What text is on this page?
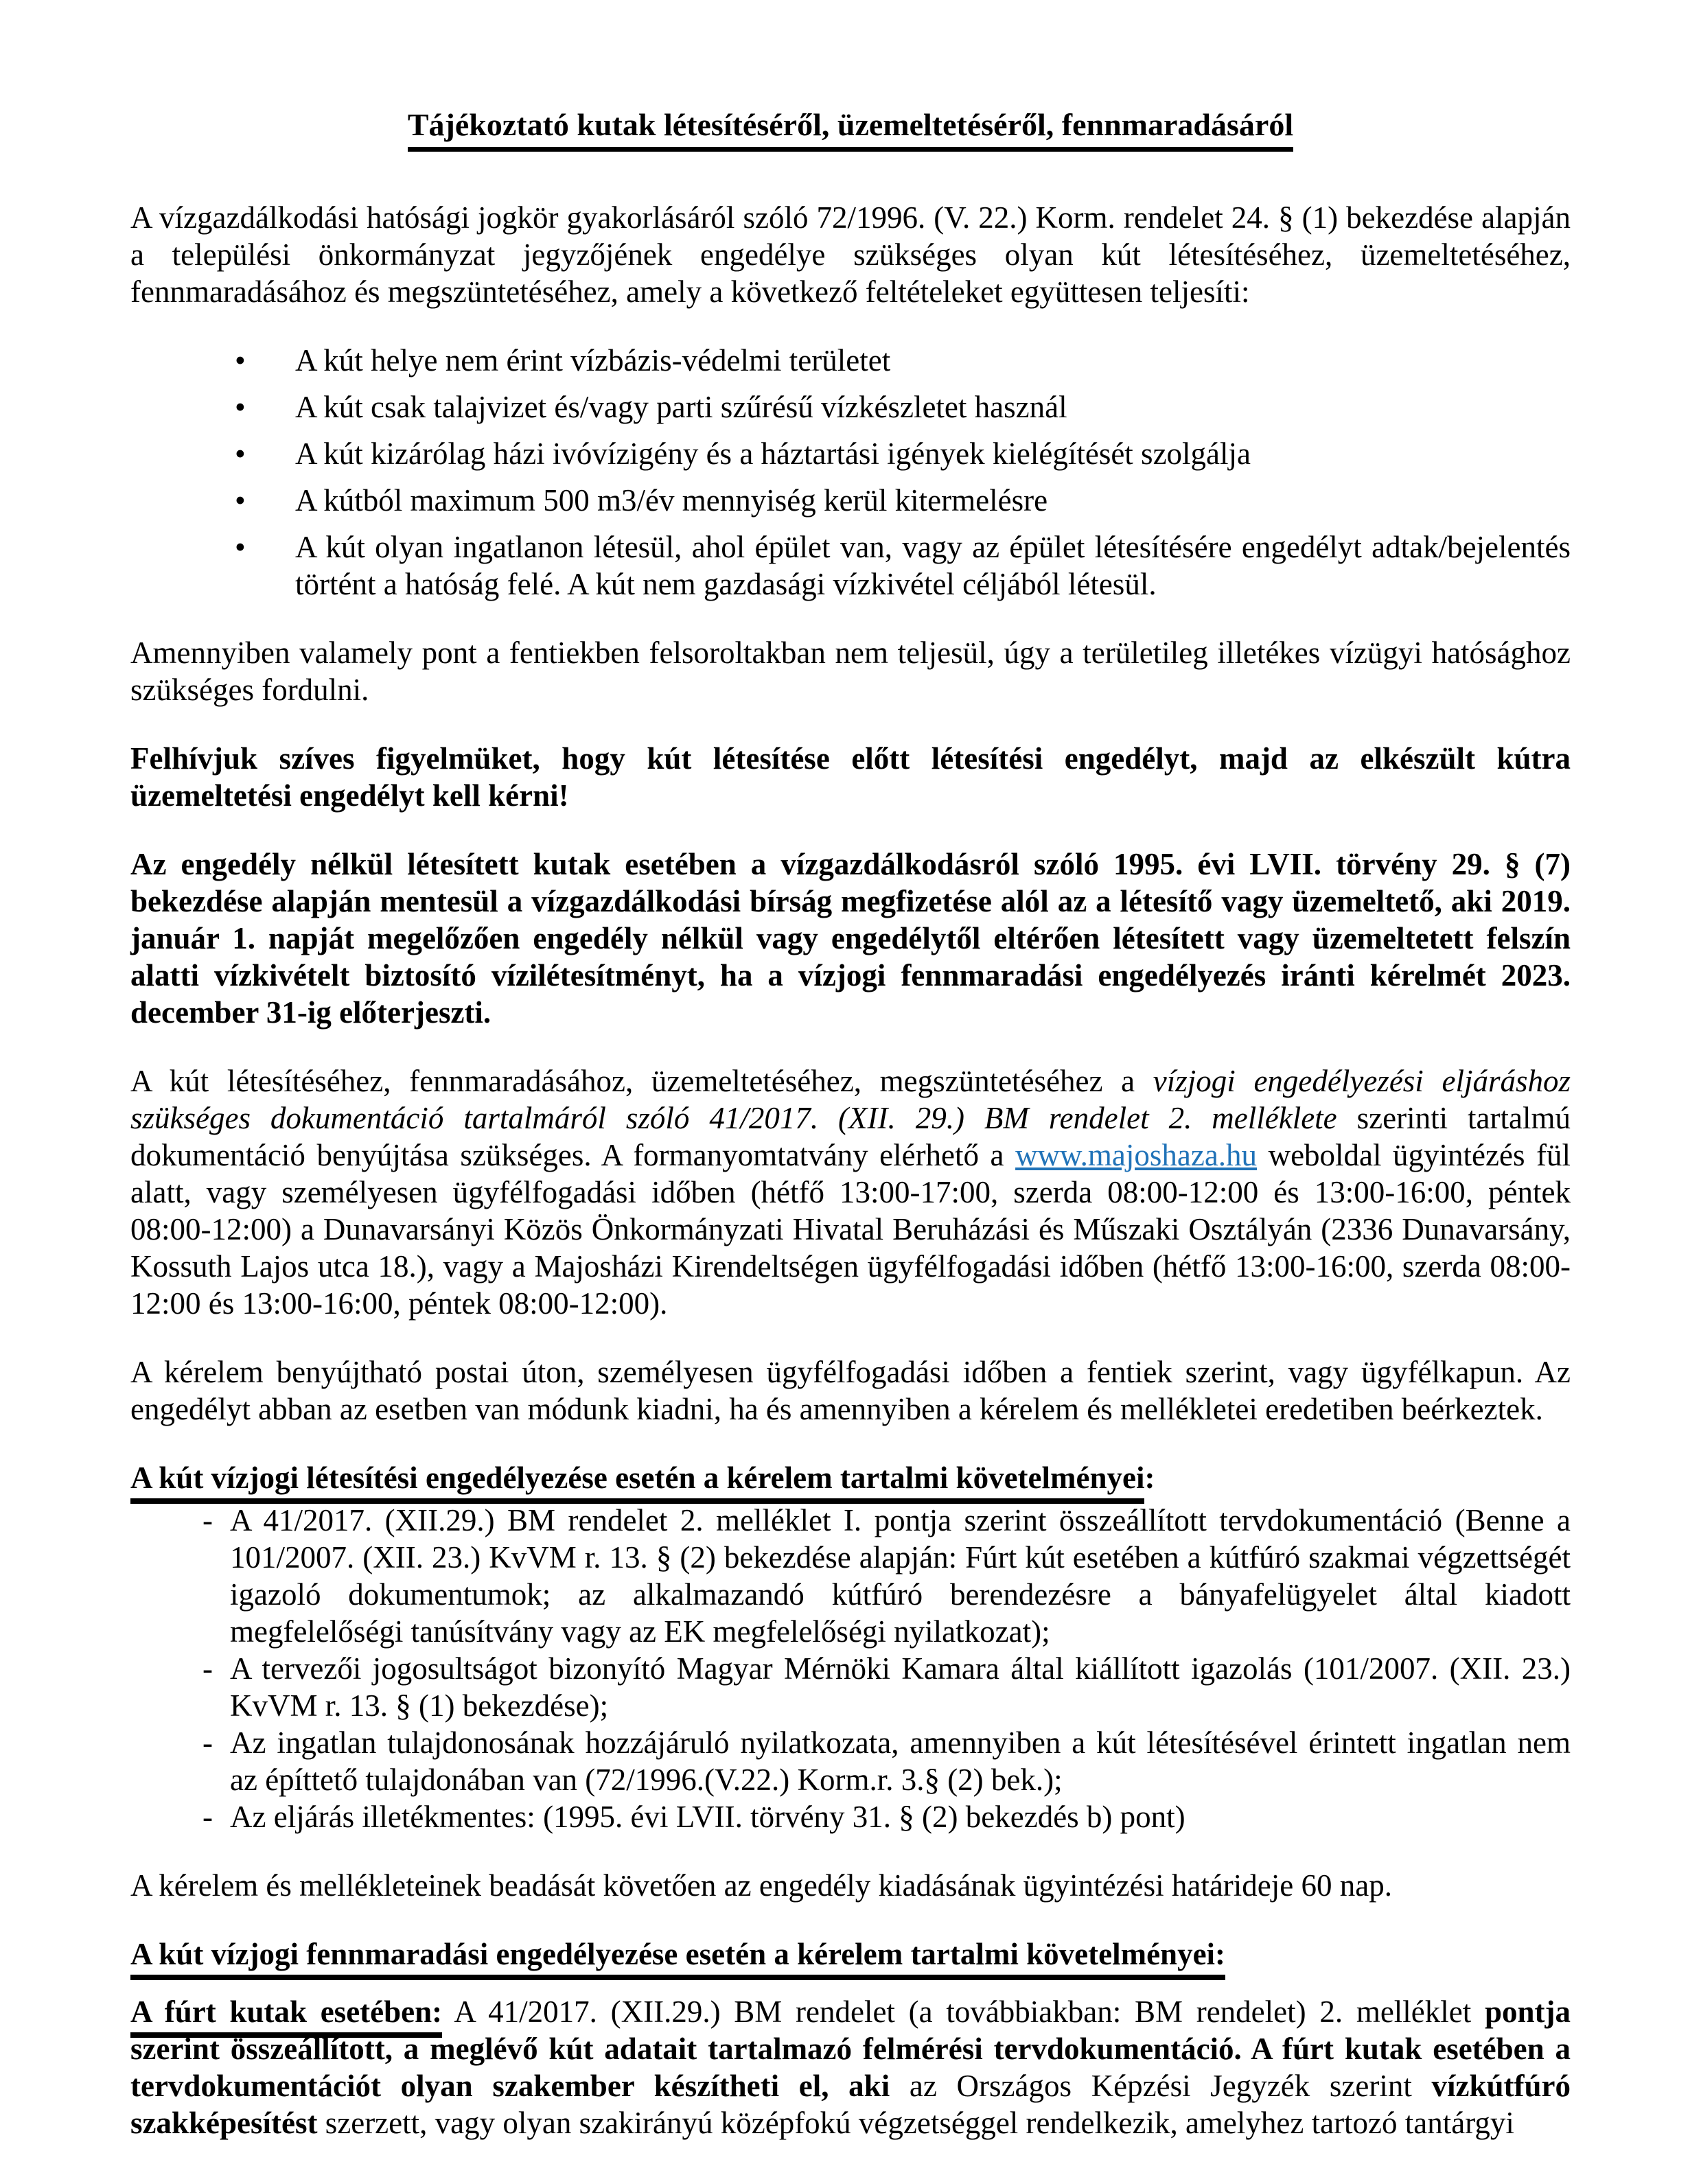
Tájékoztató kutak létesítéséről, üzemeltetéséről, fennmaradásáról

A vízgazdálkodási hatósági jogkör gyakorlásáról szóló 72/1996. (V. 22.) Korm. rendelet 24. § (1) bekezdése alapján a települési önkormányzat jegyzőjének engedélye szükséges olyan kút létesítéséhez, üzemeltetéséhez, fennmaradásához és megszüntetéséhez, amely a következő feltételeket együttesen teljesíti:

• A kút helye nem érint vízbázis-védelmi területet
• A kút csak talajvizet és/vagy parti szűrésű vízkészletet használ
• A kút kizárólag házi ivóvízigény és a háztartási igények kielégítését szolgálja
• A kútból maximum 500 m3/év mennyiség kerül kitermelésre
• A kút olyan ingatlanon létesül, ahol épület van, vagy az épület létesítésére engedélyt adtak/bejelentés történt a hatóság felé. A kút nem gazdasági vízkivétel céljából létesül.

Amennyiben valamely pont a fentiekben felsoroltakban nem teljesül, úgy a területileg illetékes vízügyi hatósághoz szükséges fordulni.

Felhívjuk szíves figyelmüket, hogy kút létesítése előtt létesítési engedélyt, majd az elkészült kútra üzemeltetési engedélyt kell kérni!

Az engedély nélkül létesített kutak esetében a vízgazdálkodásról szóló 1995. évi LVII. törvény 29. § (7) bekezdése alapján mentesül a vízgazdálkodási bírság megfizetése alól az a létesítő vagy üzemeltető, aki 2019. január 1. napját megelőzően engedély nélkül vagy engedélytől eltérően létesített vagy üzemeltetett felszín alatti vízkivételt biztosító vízilétesítményt, ha a vízjogi fennmaradási engedélyezés iránti kérelmét 2023. december 31-ig előterjeszti.

A kút létesítéséhez, fennmaradásához, üzemeltetéséhez, megszüntetéséhez a vízjogi engedélyezési eljáráshoz szükséges dokumentáció tartalmáról szóló 41/2017. (XII. 29.) BM rendelet 2. melléklete szerinti tartalmú dokumentáció benyújtása szükséges. A formanyomtatvány elérhető a www.majoshaza.hu weboldal ügyintézés fül alatt, vagy személyesen ügyfélfogadási időben (hétfő 13:00-17:00, szerda 08:00-12:00 és 13:00-16:00, péntek 08:00-12:00) a Dunavarsányi Közös Önkormányzati Hivatal Beruházási és Műszaki Osztályán (2336 Dunavarsány, Kossuth Lajos utca 18.), vagy a Majosházi Kirendeltségen ügyfélfogadási időben (hétfő 13:00-16:00, szerda 08:00-12:00 és 13:00-16:00, péntek 08:00-12:00).

A kérelem benyújtható postai úton, személyesen ügyfélfogadási időben a fentiek szerint, vagy ügyfélkapun. Az engedélyt abban az esetben van módunk kiadni, ha és amennyiben a kérelem és mellékletei eredetiben beérkeztek.

A kút vízjogi létesítési engedélyezése esetén a kérelem tartalmi követelményei:
- A 41/2017. (XII.29.) BM rendelet 2. melléklet I. pontja szerint összeállított tervdokumentáció (Benne a 101/2007. (XII. 23.) KvVM r. 13. § (2) bekezdése alapján: Fúrt kút esetében a kútfúró szakmai végzettségét igazoló dokumentumok; az alkalmazandó kútfúró berendezésre a bányafelügyelet által kiadott megfelelőségi tanúsítvány vagy az EK megfelelőségi nyilatkozat);
- A tervezői jogosultságot bizonyító Magyar Mérnöki Kamara által kiállított igazolás (101/2007. (XII. 23.) KvVM r. 13. § (1) bekezdése);
- Az ingatlan tulajdonosának hozzájáruló nyilatkozata, amennyiben a kút létesítésével érintett ingatlan nem az építtető tulajdonában van (72/1996.(V.22.) Korm.r. 3.§ (2) bek.);
- Az eljárás illetékmentes: (1995. évi LVII. törvény 31. § (2) bekezdés b) pont)

A kérelem és mellékleteinek beadását követően az engedély kiadásának ügyintézési határideje 60 nap.

A kút vízjogi fennmaradási engedélyezése esetén a kérelem tartalmi követelményei:

A fúrt kutak esetében: A 41/2017. (XII.29.) BM rendelet (a továbbiakban: BM rendelet) 2. melléklet pontja szerint összeállított, a meglévő kút adatait tartalmazó felmérési tervdokumentáció. A fúrt kutak esetében a tervdokumentációt olyan szakember készítheti el, aki az Országos Képzési Jegyzék szerint vízkútfúró szakképesítést szerzett, vagy olyan szakirányú középfokú végzetséggel rendelkezik, amelyhez tartozó tantárgyi
